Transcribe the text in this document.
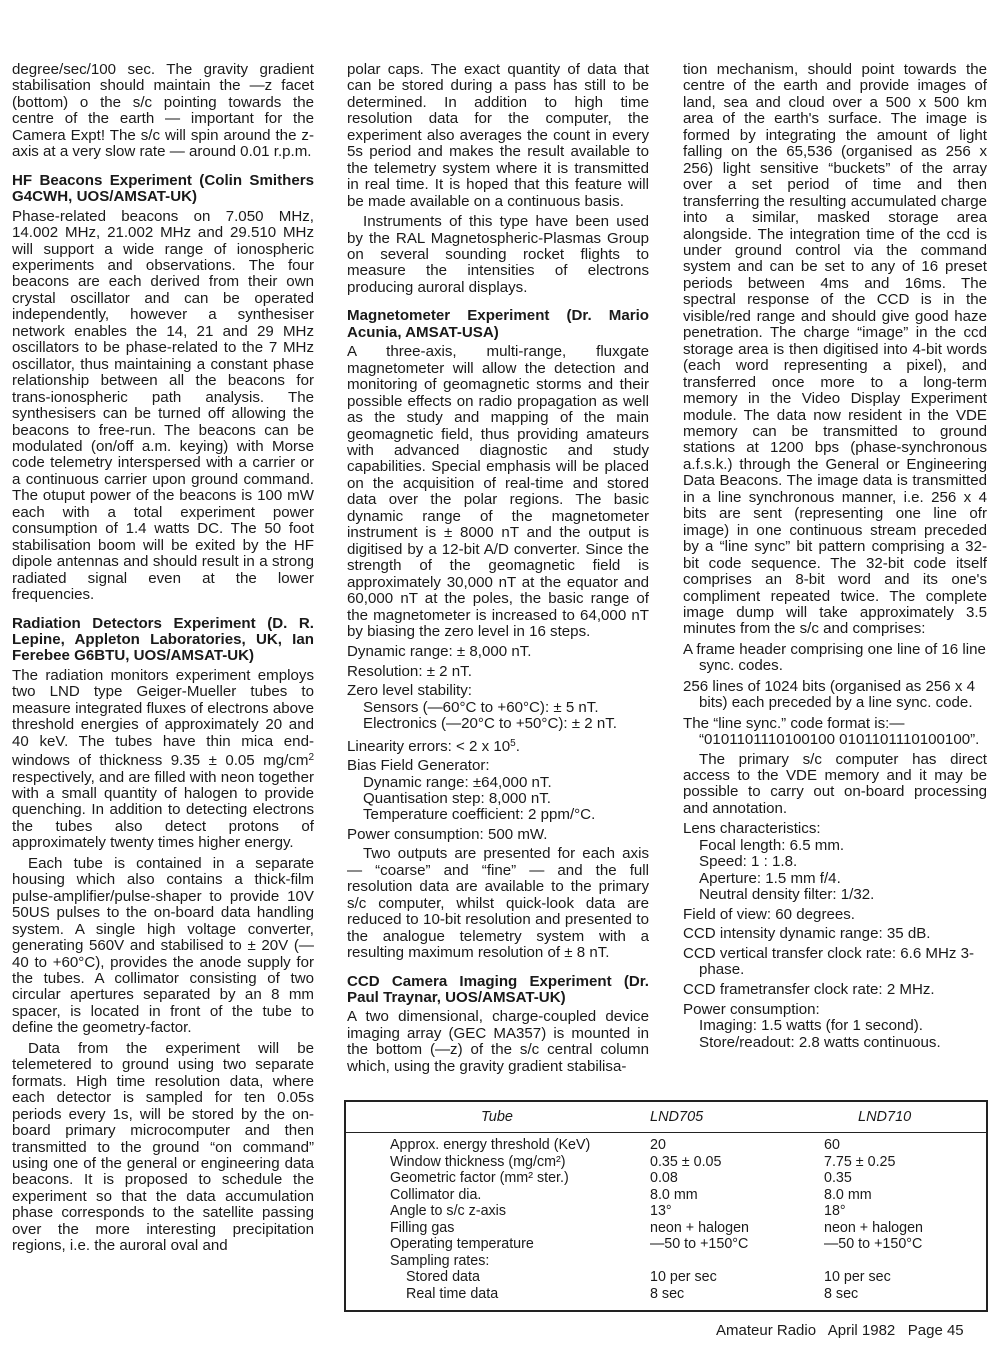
degree/sec/100 sec. The gravity gradient stabilisation should maintain the —z facet (bottom) o the s/c pointing towards the centre of the earth — important for the Camera Expt! The s/c will spin around the z-axis at a very slow rate — around 0.01 r.p.m.

HF Beacons Experiment (Colin Smithers G4CWH, UOS/AMSAT-UK)

Phase-related beacons on 7.050 MHz, 14.002 MHz, 21.002 MHz and 29.510 MHz will support a wide range of ionospheric experiments and observations. The four beacons are each derived from their own crystal oscillator and can be operated independently, however a synthesiser network enables the 14, 21 and 29 MHz oscillators to be phase-related to the 7 MHz oscillator, thus maintaining a constant phase relationship between all the beacons for trans-ionospheric path analysis. The synthesisers can be turned off allowing the beacons to free-run. The beacons can be modulated (on/off a.m. keying) with Morse code telemetry interspersed with a carrier or a continuous carrier upon ground command. The otuput power of the beacons is 100 mW each with a total experiment power consumption of 1.4 watts DC. The 50 foot stabilisation boom will be exited by the HF dipole antennas and should result in a strong radiated signal even at the lower frequencies.

Radiation Detectors Experiment (D. R. Lepine, Appleton Laboratories, UK, Ian Ferebee G6BTU, UOS/AMSAT-UK)

The radiation monitors experiment employs two LND type Geiger-Mueller tubes to measure integrated fluxes of electrons above threshold energies of approximately 20 and 40 keV. The tubes have thin mica end-windows of thickness 9.35 ± 0.05 $mg/cm^2$ respectively, and are filled with neon together with a small quantity of halogen to provide quenching. In addition to detecting electrons the tubes also detect protons of approximately twenty times higher energy.

Each tube is contained in a separate housing which also contains a thick-film pulse-amplifier/pulse-shaper to provide 10V 50US pulses to the on-board data handling system. A single high voltage converter, generating 560V and stabilised to ± 20V (—40 to +60°C), provides the anode supply for the tubes. A collimator consisting of two circular apertures separated by an 8 mm spacer, is located in front of the tube to define the geometry-factor.

Data from the experiment will be telemetered to ground using two separate formats. High time resolution data, where each detector is sampled for ten 0.05s periods every 1s, will be stored by the on-board primary microcomputer and then transmitted to the ground “on command” using one of the general or engineering data beacons. It is proposed to schedule the experiment so that the data accumulation phase corresponds to the satellite passing over the more interesting precipitation regions, i.e. the auroral oval and

polar caps. The exact quantity of data that can be stored during a pass has still to be determined. In addition to high time resolution data for the computer, the experiment also averages the count in every 5s period and makes the result available to the telemetry system where it is transmitted in real time. It is hoped that this feature will be made available on a continuous basis.

Instruments of this type have been used by the RAL Magnetospheric-Plasmas Group on several sounding rocket flights to measure the intensities of electrons producing auroral displays.

Magnetometer Experiment (Dr. Mario Acunia, AMSAT-USA)

A three-axis, multi-range, fluxgate magnetometer will allow the detection and monitoring of geomagnetic storms and their possible effects on radio propagation as well as the study and mapping of the main geomagnetic field, thus providing amateurs with advanced diagnostic and study capabilities. Special emphasis will be placed on the acquisition of real-time and stored data over the polar regions. The basic dynamic range of the magnetometer instrument is ± 8000 nT and the output is digitised by a 12-bit A/D converter. Since the strength of the geomagnetic field is approximately 30,000 nT at the equator and 60,000 nT at the poles, the basic range of the magnetometer is increased to 64,000 nT by biasing the zero level in 16 steps.

Dynamic range: ± 8,000 nT.
Resolution: ± 2 nT.
Zero level stability:
Sensors (—60°C to +60°C): ± 5 nT.
Electronics (—20°C to +50°C): ± 2 nT.
Linearity errors: < 2 x $10^5$.
Bias Field Generator:
Dynamic range: ±64,000 nT.
Quantisation step: 8,000 nT.
Temperature coefficient: 2 ppm/°C.
Power consumption: 500 mW.

Two outputs are presented for each axis — “coarse” and “fine” — and the full resolution data are available to the primary s/c computer, whilst quick-look data are reduced to 10-bit resolution and presented to the analogue telemetry system with a resulting maximum resolution of ± 8 nT.

CCD Camera Imaging Experiment (Dr. Paul Traynar, UOS/AMSAT-UK)

A two dimensional, charge-coupled device imaging array (GEC MA357) is mounted in the bottom (—z) of the s/c central column which, using the gravity gradient stabilisa-

tion mechanism, should point towards the centre of the earth and provide images of land, sea and cloud over a 500 x 500 km area of the earth's surface. The image is formed by integrating the amount of light falling on the 65,536 (organised as 256 x 256) light sensitive “buckets” of the array over a set period of time and then transferring the resulting accumulated charge into a similar, masked storage area alongside. The integration time of the ccd is under ground control via the command system and can be set to any of 16 preset periods between 4ms and 16ms. The spectral response of the CCD is in the visible/red range and should give good haze penetration. The charge “image” in the ccd storage area is then digitised into 4-bit words (each word representing a pixel), and transferred once more to a long-term memory in the Video Display Experiment module. The data now resident in the VDE memory can be transmitted to ground stations at 1200 bps (phase-synchronous a.f.s.k.) through the General or Engineering Data Beacons. The image data is transmitted in a line synchronous manner, i.e. 256 x 4 bits are sent (representing one line ofr image) in one continuous stream preceded by a “line sync” bit pattern comprising a 32-bit code sequence. The 32-bit code itself comprises an 8-bit word and its one's compliment repeated twice. The complete image dump will take approximately 3.5 minutes from the s/c and comprises:

A frame header comprising one line of 16 line sync. codes.
256 lines of 1024 bits (organised as 256 x 4 bits) each preceded by a line sync. code.
The “line sync.” code format is:—
“0101101110100100 0101101110100100”.

The primary s/c computer has direct access to the VDE memory and it may be possible to carry out on-board processing and annotation.

Lens characteristics:
Focal length: 6.5 mm.
Speed: 1 : 1.8.
Aperture: 1.5 mm f/4.
Neutral density filter: 1/32.
Field of view: 60 degrees.
CCD intensity dynamic range: 35 dB.
CCD vertical transfer clock rate: 6.6 MHz 3-phase.
CCD frametransfer clock rate: 2 MHz.
Power consumption:
Imaging: 1.5 watts (for 1 second).
Store/readout: 2.8 watts continuous.
Tube	LND705	LND710
Approx. energy threshold (KeV)	20	60
Window thickness (mg/cm²)	0.35 ± 0.05	7.75 ± 0.25
Geometric factor (mm² ster.)	0.08	0.35
Collimator dia.	8.0 mm	8.0 mm
Angle to s/c z-axis	13°	18°
Filling gas	neon + halogen	neon + halogen
Operating temperature	—50 to +150°C	—50 to +150°C
Sampling rates:
Stored data	10 per sec	10 per sec
Real time data	8 sec	8 sec
Amateur Radio   April 1982   Page 45
